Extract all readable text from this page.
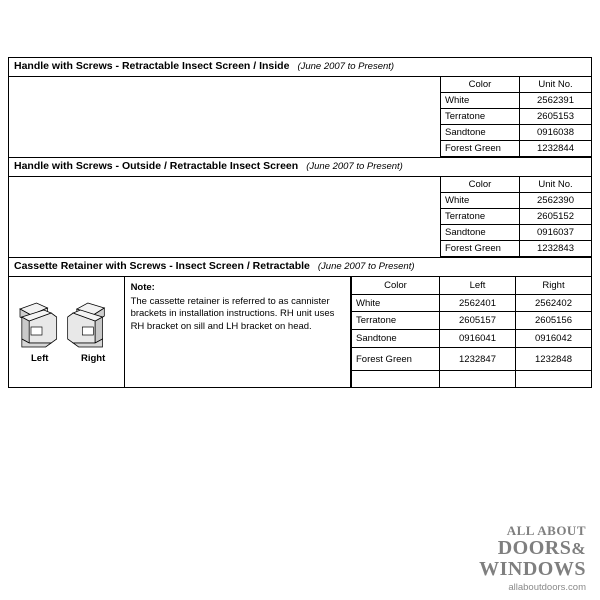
Handle with Screws - Retractable Insect Screen / Inside (June 2007 to Present)
Color	Unit No.
White	2562391
Terratone	2605153
Sandtone	0916038
Forest Green	1232844
Handle with Screws - Outside / Retractable Insect Screen (June 2007 to Present)
Color	Unit No.
White	2562390
Terratone	2605152
Sandtone	0916037
Forest Green	1232843
Cassette Retainer with Screws - Insect Screen / Retractable (June 2007 to Present)
Left	Right
Note:
The cassette retainer is referred to as cannister brackets in installation instructions. RH unit uses RH bracket on sill and LH bracket on head.
Color	Left	Right
White	2562401	2562402
Terratone	2605157	2605156
Sandtone	0916041	0916042
Forest Green	1232847	1232848

ALL ABOUT
DOORS&
WINDOWS
allaboutdoors.com
